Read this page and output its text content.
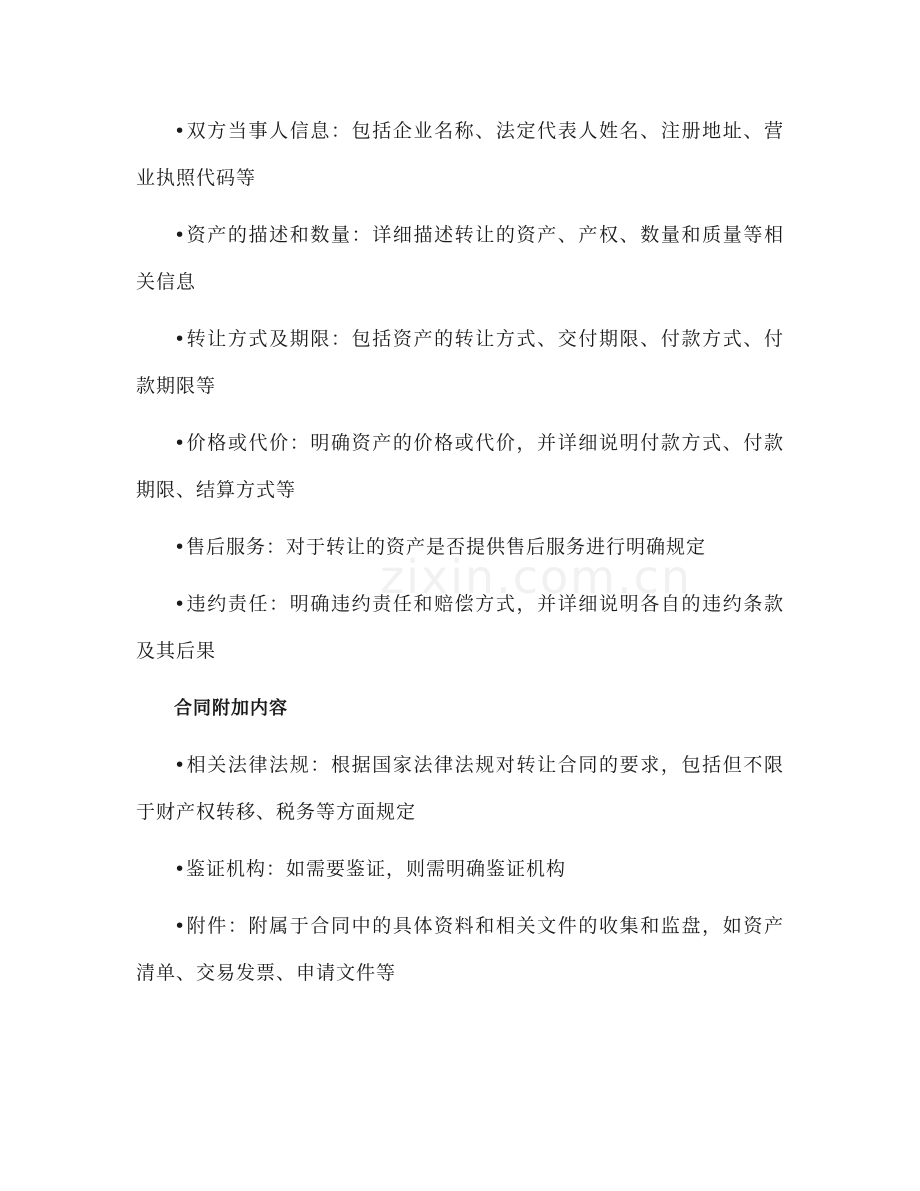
•双方当事人信息：包括企业名称、法定代表人姓名、注册地址、营业执照代码等

•资产的描述和数量：详细描述转让的资产、产权、数量和质量等相关信息

•转让方式及期限：包括资产的转让方式、交付期限、付款方式、付款期限等

•价格或代价：明确资产的价格或代价，并详细说明付款方式、付款期限、结算方式等

•售后服务：对于转让的资产是否提供售后服务进行明确规定

•违约责任：明确违约责任和赔偿方式，并详细说明各自的违约条款及其后果

合同附加内容

•相关法律法规：根据国家法律法规对转让合同的要求，包括但不限于财产权转移、税务等方面规定

•鉴证机构：如需要鉴证，则需明确鉴证机构

•附件：附属于合同中的具体资料和相关文件的收集和监盘，如资产清单、交易发票、申请文件等

zixin.com.cn
